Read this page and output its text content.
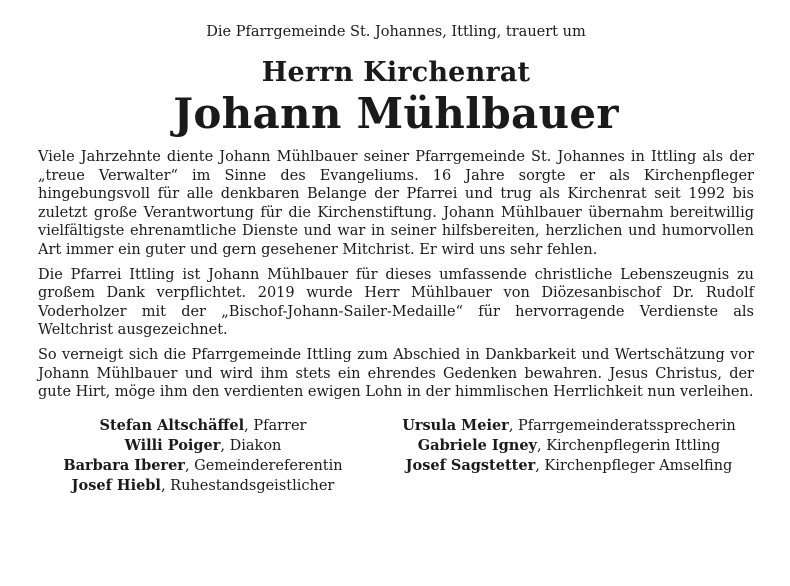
Die Pfarrgemeinde St. Johannes, Ittling, trauert um
Herrn Kirchenrat
Johann Mühlbauer

Viele Jahrzehnte diente Johann Mühlbauer seiner Pfarrgemeinde St. Johannes in Ittling als der „treue Verwalter“ im Sinne des Evangeliums. 16 Jahre sorgte er als Kirchenpfleger hingebungsvoll für alle denkbaren Belange der Pfarrei und trug als Kirchenrat seit 1992 bis zuletzt große Verantwortung für die Kirchenstiftung. Johann Mühlbauer übernahm bereitwillig vielfältigste ehrenamtliche Dienste und war in seiner hilfsbereiten, herzlichen und humorvollen Art immer ein guter und gern gesehener Mitchrist. Er wird uns sehr fehlen.

Die Pfarrei Ittling ist Johann Mühlbauer für dieses umfassende christliche Lebenszeugnis zu großem Dank verpflichtet. 2019 wurde Herr Mühlbauer von Diözesanbischof Dr. Rudolf Voderholzer mit der „Bischof-Johann-Sailer-Medaille“ für hervorragende Verdienste als Weltchrist ausgezeichnet.

So verneigt sich die Pfarrgemeinde Ittling zum Abschied in Dankbarkeit und Wertschätzung vor Johann Mühlbauer und wird ihm stets ein ehrendes Gedenken bewahren. Jesus Christus, der gute Hirt, möge ihm den verdienten ewigen Lohn in der himmlischen Herrlichkeit nun verleihen.

Stefan Altschäffel, Pfarrer
Willi Poiger, Diakon
Barbara Iberer, Gemeindereferentin
Josef Hiebl, Ruhestandsgeistlicher
Ursula Meier, Pfarrgemeinderatssprecherin
Gabriele Igney, Kirchenpflegerin Ittling
Josef Sagstetter, Kirchenpfleger Amselfing
